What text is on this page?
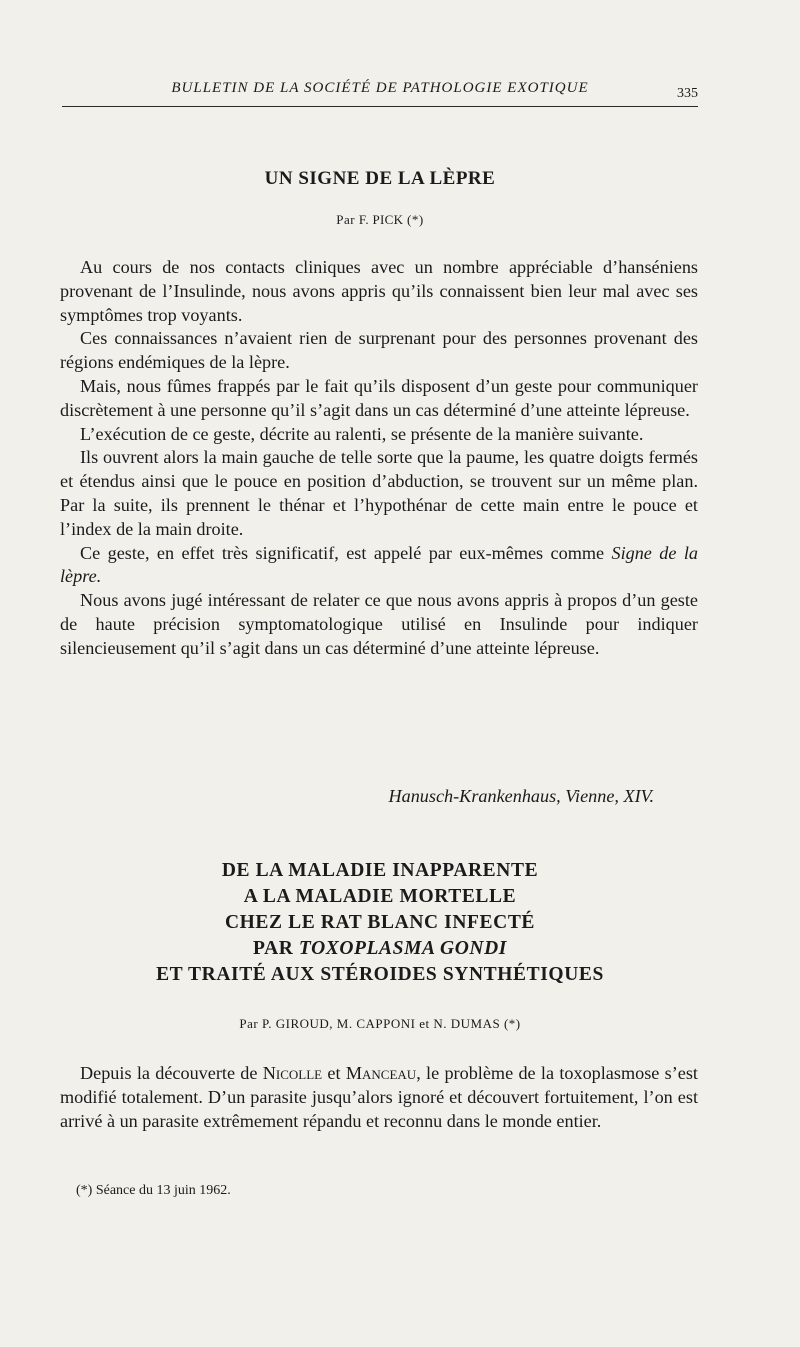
BULLETIN DE LA SOCIÉTÉ DE PATHOLOGIE EXOTIQUE	335
UN SIGNE DE LA LÈPRE
Par F. PICK (*)

Au cours de nos contacts cliniques avec un nombre appréciable d’hanséniens provenant de l’Insulinde, nous avons appris qu’ils connaissent bien leur mal avec ses symptômes trop voyants.

Ces connaissances n’avaient rien de surprenant pour des personnes provenant des régions endémiques de la lèpre.

Mais, nous fûmes frappés par le fait qu’ils disposent d’un geste pour communiquer discrètement à une personne qu’il s’agit dans un cas déterminé d’une atteinte lépreuse.

L’exécution de ce geste, décrite au ralenti, se présente de la manière suivante.

Ils ouvrent alors la main gauche de telle sorte que la paume, les quatre doigts fermés et étendus ainsi que le pouce en position d’abduction, se trouvent sur un même plan. Par la suite, ils prennent le thénar et l’hypothénar de cette main entre le pouce et l’index de la main droite.

Ce geste, en effet très significatif, est appelé par eux-mêmes comme Signe de la lèpre.

Nous avons jugé intéressant de relater ce que nous avons appris à propos d’un geste de haute précision symptomatologique utilisé en Insulinde pour indiquer silencieusement qu’il s’agit dans un cas déterminé d’une atteinte lépreuse.

Hanusch-Krankenhaus, Vienne, XIV.
DE LA MALADIE INAPPARENTE
A LA MALADIE MORTELLE
CHEZ LE RAT BLANC INFECTÉ
PAR TOXOPLASMA GONDI
ET TRAITÉ AUX STÉROIDES SYNTHÉTIQUES
Par P. GIROUD, M. CAPPONI et N. DUMAS (*)

Depuis la découverte de Nicolle et Manceau, le problème de la toxoplasmose s’est modifié totalement. D’un parasite jusqu’alors ignoré et découvert fortuitement, l’on est arrivé à un parasite extrêmement répandu et reconnu dans le monde entier.

(*) Séance du 13 juin 1962.
